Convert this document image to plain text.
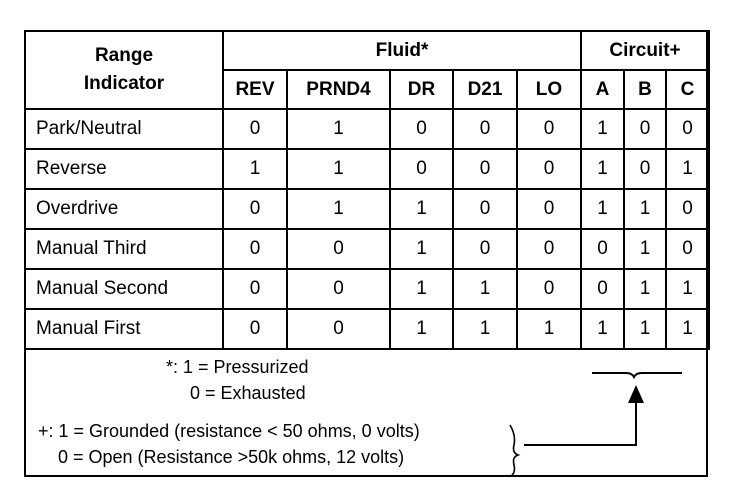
Range
Indicator	Fluid*					Circuit+		
	REV	PRND4	DR	D21	LO	A	B	C
Park/Neutral	0	1	0	0	0	1	0	0
Reverse	1	1	0	0	0	1	0	1
Overdrive	0	1	1	0	0	1	1	0
Manual Third	0	0	1	0	0	0	1	0
Manual Second	0	0	1	1	0	0	1	1
Manual First	0	0	1	1	1	1	1	1
*: 1 = Pressurized
0 = Exhausted
+: 1 = Grounded (resistance < 50 ohms, 0 volts)
0 = Open (Resistance >50k ohms, 12 volts)
